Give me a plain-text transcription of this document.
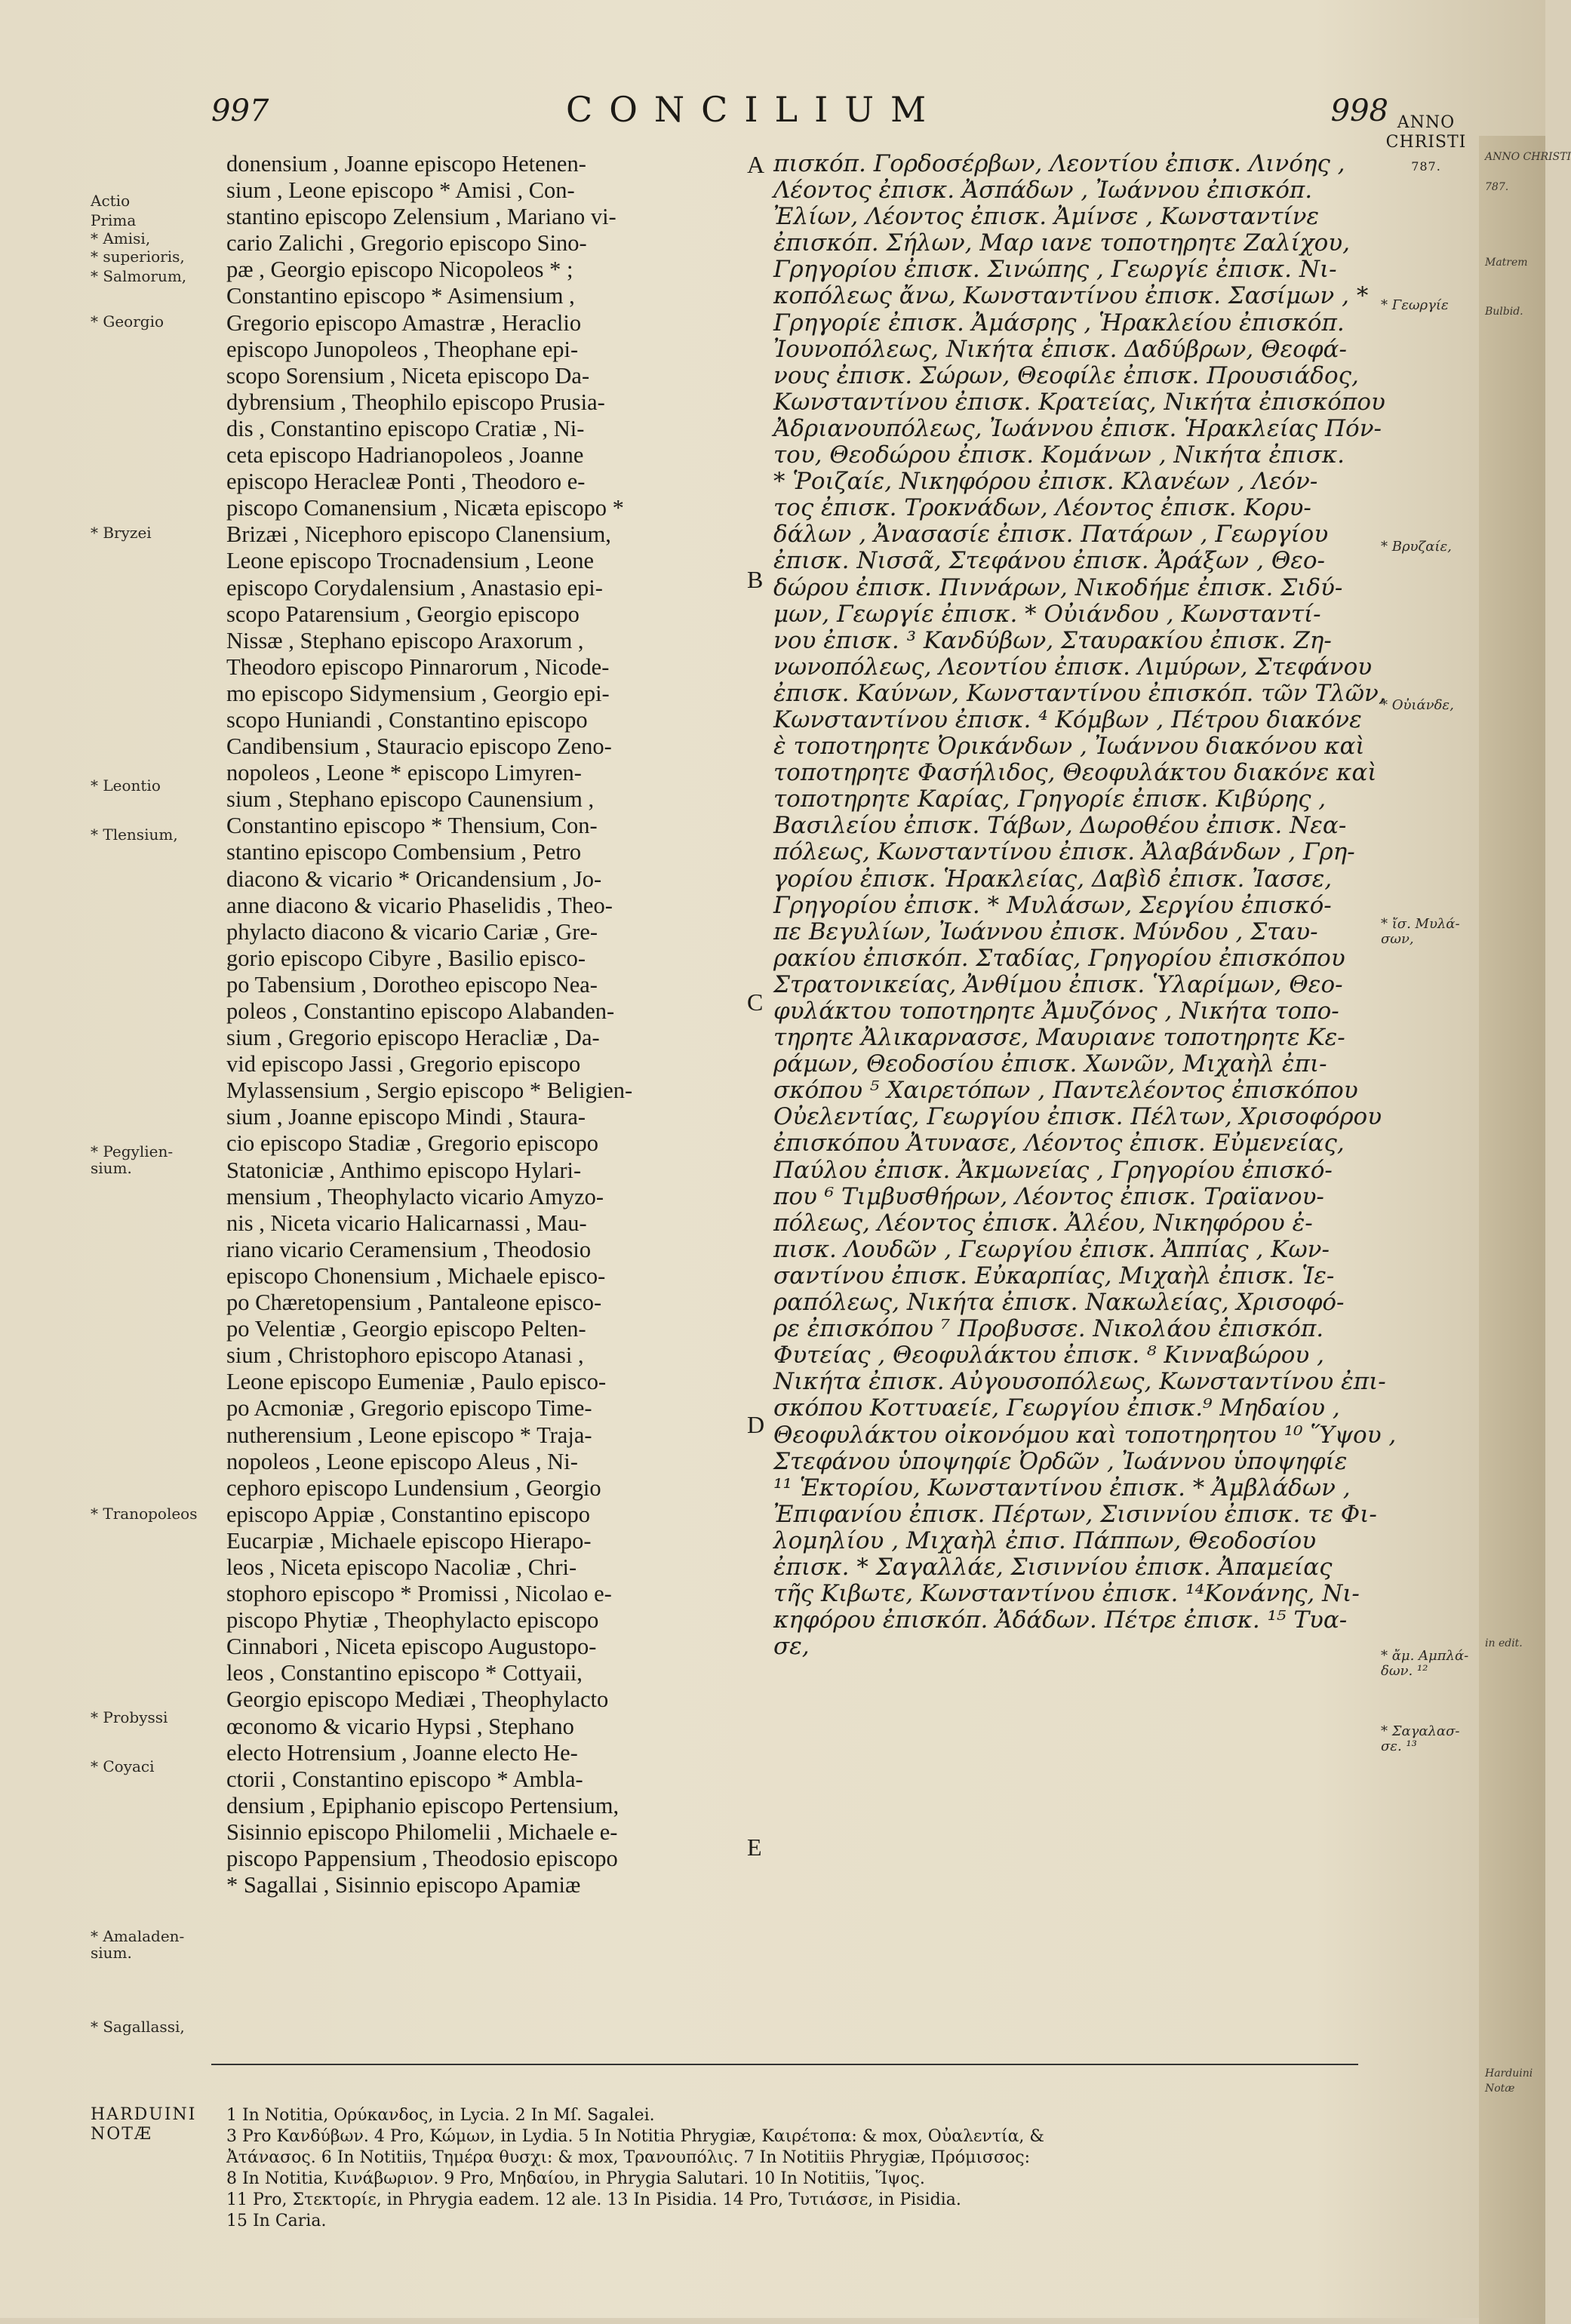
997	CONCILIUM	998 ANNO CHRISTI
787.
Actio
Prima
* Amisi,
* superioris,
* Salmorum,
* Georgio
* Bryzei
* Leontio
* Tlensium,
* Pegylien-
sium.
* Tranopoleos
* Probyssi
* Coyaci
* Amaladen-
sium.
* Sagallassi,
donensium , Joanne episcopo Hetenen-
sium , Leone episcopo * Amisi , Con-
stantino episcopo Zelensium , Mariano vi-
cario Zalichi , Gregorio episcopo Sino-
pæ , Georgio episcopo Nicopoleos * ;
Constantino episcopo * Asimensium ,
Gregorio episcopo Amastræ , Heraclio
episcopo Junopoleos , Theophane epi-
scopo Sorensium , Niceta episcopo Da-
dybrensium , Theophilo episcopo Prusia-
dis , Constantino episcopo Cratiæ , Ni-
ceta episcopo Hadrianopoleos , Joanne
episcopo Heracleæ Ponti , Theodoro e-
piscopo Comanensium , Nicæta episcopo *
Brizæi , Nicephoro episcopo Clanensium,
Leone episcopo Trocnadensium , Leone
episcopo Corydalensium , Anastasio epi-
scopo Patarensium , Georgio episcopo
Nissæ , Stephano episcopo Araxorum ,
Theodoro episcopo Pinnarorum , Nicode-
mo episcopo Sidymensium , Georgio epi-
scopo Huniandi , Constantino episcopo
Candibensium , Stauracio episcopo Zeno-
nopoleos , Leone * episcopo Limyren-
sium , Stephano episcopo Caunensium ,
Constantino episcopo * Thensium, Con-
stantino episcopo Combensium , Petro
diacono & vicario * Oricandensium , Jo-
anne diacono & vicario Phaselidis , Theo-
phylacto diacono & vicario Cariæ , Gre-
gorio episcopo Cibyre , Basilio episco-
po Tabensium , Dorotheo episcopo Nea-
poleos , Constantino episcopo Alabanden-
sium , Gregorio episcopo Heracliæ , Da-
vid episcopo Jassi , Gregorio episcopo
Mylassensium , Sergio episcopo * Beligien-
sium , Joanne episcopo Mindi , Staura-
cio episcopo Stadiæ , Gregorio episcopo
Statoniciæ , Anthimo episcopo Hylari-
mensium , Theophylacto vicario Amyzo-
nis , Niceta vicario Halicarnassi , Mau-
riano vicario Ceramensium , Theodosio
episcopo Chonensium , Michaele episco-
po Chæretopensium , Pantaleone episco-
po Velentiæ , Georgio episcopo Pelten-
sium , Christophoro episcopo Atanasi ,
Leone episcopo Eumeniæ , Paulo episco-
po Acmoniæ , Gregorio episcopo Time-
nutherensium , Leone episcopo * Traja-
nopoleos , Leone episcopo Aleus , Ni-
cephoro episcopo Lundensium , Georgio
episcopo Appiæ , Constantino episcopo
Eucarpiæ , Michaele episcopo Hierapo-
leos , Niceta episcopo Nacoliæ , Chri-
stophoro episcopo * Promissi , Nicolao e-
piscopo Phytiæ , Theophylacto episcopo
Cinnabori , Niceta episcopo Augustopo-
leos , Constantino episcopo * Cottyaii,
Georgio episcopo Mediæi , Theophylacto
œconomo & vicario Hypsi , Stephano
electo Hotrensium , Joanne electo He-
ctorii , Constantino episcopo * Ambla-
densium , Epiphanio episcopo Pertensium,
Sisinnio episcopo Philomelii , Michaele e-
piscopo Pappensium , Theodosio episcopo
* Sagallai , Sisinnio episcopo Apamiæ
A
B
C
D
E
πισκόπ. Γορδοσέρβων, Λεοντίου ἐπισκ. Λινόης ,
Λέοντος ἐπισκ. Ἀσπάδων , Ἰωάννου ἐπισκόπ.
Ἐλίων, Λέοντος ἐπισκ. Ἀμίνσε , Κωνσταντίνε
ἐπισκόπ. Σήλων, Μαρ ιανε τοποτηρητε Ζαλίχου,
Γρηγορίου ἐπισκ. Σινώπης , Γεωργίε ἐπισκ. Νι-
κοπόλεως ἄνω, Κωνσταντίνου ἐπισκ. Σασίμων , *
Γρηγορίε ἐπισκ. Ἀμάσρης , Ἡρακλείου ἐπισκόπ.
Ἰουνοπόλεως, Νικήτα ἐπισκ. Δαδύβρων, Θεοφά-
νους ἐπισκ. Σώρων, Θεοφίλε ἐπισκ. Προυσιάδος,
Κωνσταντίνου ἐπισκ. Κρατείας, Νικήτα ἐπισκόπου
Ἀδριανουπόλεως, Ἰωάννου ἐπισκ. Ἡρακλείας Πόν-
του, Θεοδώρου ἐπισκ. Κομάνων , Νικήτα ἐπισκ.
* Ῥοιζαίε, Νικηφόρου ἐπισκ. Κλανέων , Λεόν-
τος ἐπισκ. Τροκνάδων, Λέοντος ἐπισκ. Κορυ-
δάλων , Ἀνασασίε ἐπισκ. Πατάρων , Γεωργίου
ἐπισκ. Νισσᾶ, Στεφάνου ἐπισκ. Ἀράξων , Θεο-
δώρου ἐπισκ. Πιννάρων, Νικοδήμε ἐπισκ. Σιδύ-
μων, Γεωργίε ἐπισκ. * Οὐιάνδου , Κωνσταντί-
νου ἐπισκ. ³ Κανδύβων, Σταυρακίου ἐπισκ. Ζη-
νωνοπόλεως, Λεοντίου ἐπισκ. Λιμύρων, Στεφάνου
ἐπισκ. Καύνων, Κωνσταντίνου ἐπισκόπ. τῶν Τλῶν,
Κωνσταντίνου ἐπισκ. ⁴ Κόμβων , Πέτρου διακόνε
ὲ τοποτηρητε Ὀρικάνδων , Ἰωάννου διακόνου καὶ
τοποτηρητε Φασήλιδος, Θεοφυλάκτου διακόνε καὶ
τοποτηρητε Καρίας, Γρηγορίε ἐπισκ. Κιβύρης ,
Βασιλείου ἐπισκ. Τάβων, Δωροθέου ἐπισκ. Νεα-
πόλεως, Κωνσταντίνου ἐπισκ. Ἀλαβάνδων , Γρη-
γορίου ἐπισκ. Ἡρακλείας, Δαβὶδ ἐπισκ. Ἰασσε,
Γρηγορίου ἐπισκ. * Μυλάσων, Σεργίου ἐπισκό-
πε Βεγυλίων, Ἰωάννου ἐπισκ. Μύνδου , Σταυ-
ρακίου ἐπισκόπ. Σταδίας, Γρηγορίου ἐπισκόπου
Στρατονικείας, Ἀνθίμου ἐπισκ. Ὑλαρίμων, Θεο-
φυλάκτου τοποτηρητε Ἀμυζόνος , Νικήτα τοπο-
τηρητε Ἀλικαρνασσε, Μαυριανε τοποτηρητε Κε-
ράμων, Θεοδοσίου ἐπισκ. Χωνῶν, Μιχαὴλ ἐπι-
σκόπου ⁵ Χαιρετόπων , Παντελέοντος ἐπισκόπου
Οὐελεντίας, Γεωργίου ἐπισκ. Πέλτων, Χρισοφόρου
ἐπισκόπου Ἀτυνασε, Λέοντος ἐπισκ. Εὐμενείας,
Παύλου ἐπισκ. Ἀκμωνείας , Γρηγορίου ἐπισκό-
που ⁶ Τιμβυσθήρων, Λέοντος ἐπισκ. Τραϊανου-
πόλεως, Λέοντος ἐπισκ. Ἀλέου, Νικηφόρου ἐ-
πισκ. Λουδῶν , Γεωργίου ἐπισκ. Ἀππίας , Κων-
σαντίνου ἐπισκ. Εὐκαρπίας, Μιχαὴλ ἐπισκ. Ἱε-
ραπόλεως, Νικήτα ἐπισκ. Νακωλείας, Χρισοφό-
ρε ἐπισκόπου ⁷ Προβυσσε. Νικολάου ἐπισκόπ.
Φυτείας , Θεοφυλάκτου ἐπισκ. ⁸ Κινναβώρου ,
Νικήτα ἐπισκ. Αὐγουσοπόλεως, Κωνσταντίνου ἐπι-
σκόπου Κοττυαείε, Γεωργίου ἐπισκ.⁹ Μηδαίου ,
Θεοφυλάκτου οἰκονόμου καὶ τοποτηρητου ¹⁰ Ὕψου ,
Στεφάνου ὑποψηφίε Ὀρδῶν , Ἰωάννου ὑποψηφίε
¹¹ Ἑκτορίου, Κωνσταντίνου ἐπισκ. * Ἀμβλάδων ,
Ἐπιφανίου ἐπισκ. Πέρτων, Σισιννίου ἐπισκ. τε Φι-
λομηλίου , Μιχαὴλ ἐπισ. Πάππων, Θεοδοσίου
ἐπισκ. * Σαγαλλάε, Σισιννίου ἐπισκ. Ἀπαμείας
τῆς Κιβωτε, Κωνσταντίνου ἐπισκ. ¹⁴Κονάνης, Νι-
κηφόρου ἐπισκόπ. Ἀδάδων. Πέτρε ἐπισκ. ¹⁵ Τυα-
σε,
* Γεωργίε
* Βρυζαίε,
* Οὐιάνδε,
* ἴσ. Μυλά-
σων,
* ἄμ. Αμπλά-
δων. ¹²
* Σαγαλασ-
σε. ¹³
ANNO CHRISTI
787.
Matrem
Bulbid.
in edit.
Harduini
Notæ
HARDUINI NOTÆ
1 In Notitia, Ορύκανδος, in Lycia. 2 In Mſ. Sagalei.
3 Pro Κανδύβων. 4 Pro, Κώμων, in Lydia. 5 In Notitia Phrygiæ, Καιρέτοπα: & mox, Οὐαλεντία, &
Ἀτάνασος. 6 In Notitiis, Τημέρα θυσχι: & mox, Τρανουπόλις. 7 In Notitiis Phrygiæ, Πρόμισσος:
8 In Notitia, Κινάβωριον. 9 Pro, Μηδαίου, in Phrygia Salutari. 10 In Notitiis, Ἵψος.
11 Pro, Στεκτορίε, in Phrygia eadem. 12 ale. 13 In Pisidia. 14 Pro, Τυτιάσσε, in Pisidia.
15 In Caria.
